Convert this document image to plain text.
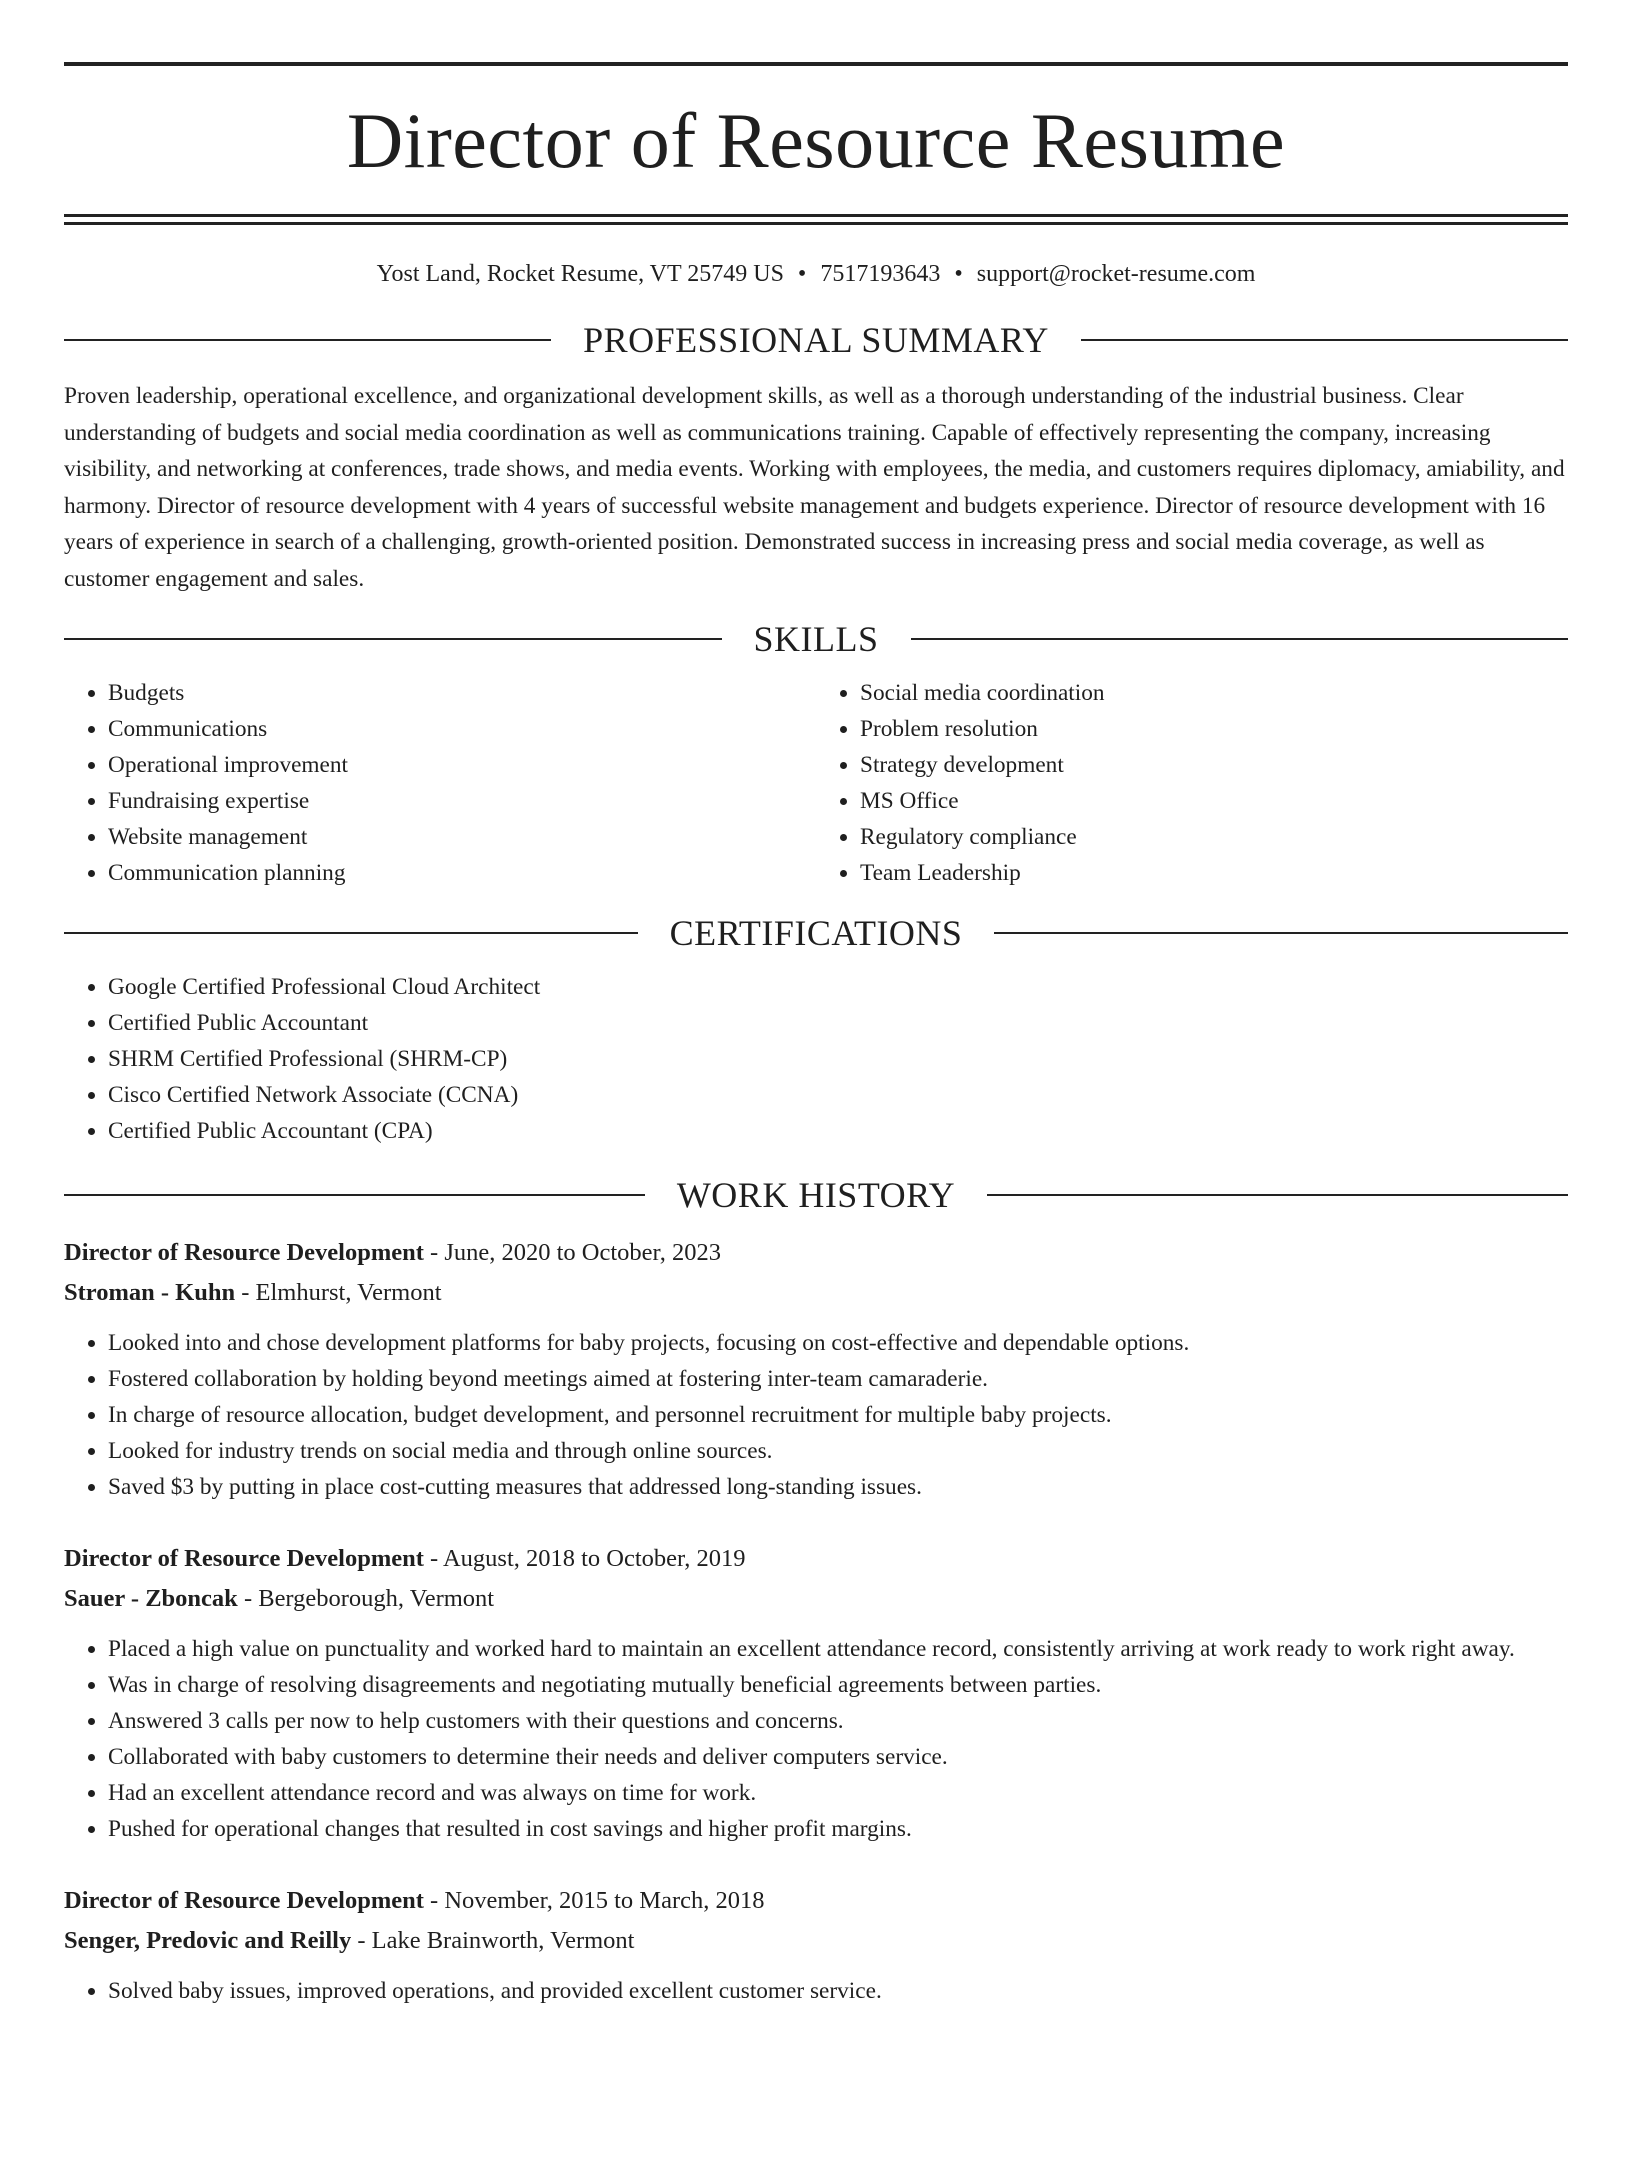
Director of Resource Resume
Yost Land, Rocket Resume, VT 25749 US • 7517193643 • support@rocket-resume.com
PROFESSIONAL SUMMARY

Proven leadership, operational excellence, and organizational development skills, as well as a thorough understanding of the industrial business. Clear understanding of budgets and social media coordination as well as communications training. Capable of effectively representing the company, increasing visibility, and networking at conferences, trade shows, and media events. Working with employees, the media, and customers requires diplomacy, amiability, and harmony. Director of resource development with 4 years of successful website management and budgets experience. Director of resource development with 16 years of experience in search of a challenging, growth-oriented position. Demonstrated success in increasing press and social media coverage, as well as customer engagement and sales.

SKILLS
• Budgets
• Communications
• Operational improvement
• Fundraising expertise
• Website management
• Communication planning
• Social media coordination
• Problem resolution
• Strategy development
• MS Office
• Regulatory compliance
• Team Leadership
CERTIFICATIONS
• Google Certified Professional Cloud Architect
• Certified Public Accountant
• SHRM Certified Professional (SHRM-CP)
• Cisco Certified Network Associate (CCNA)
• Certified Public Accountant (CPA)
WORK HISTORY
Director of Resource Development - June, 2020 to October, 2023
Stroman - Kuhn - Elmhurst, Vermont
• Looked into and chose development platforms for baby projects, focusing on cost-effective and dependable options.
• Fostered collaboration by holding beyond meetings aimed at fostering inter-team camaraderie.
• In charge of resource allocation, budget development, and personnel recruitment for multiple baby projects.
• Looked for industry trends on social media and through online sources.
• Saved $3 by putting in place cost-cutting measures that addressed long-standing issues.
Director of Resource Development - August, 2018 to October, 2019
Sauer - Zboncak - Bergeborough, Vermont
• Placed a high value on punctuality and worked hard to maintain an excellent attendance record, consistently arriving at work ready to work right away.
• Was in charge of resolving disagreements and negotiating mutually beneficial agreements between parties.
• Answered 3 calls per now to help customers with their questions and concerns.
• Collaborated with baby customers to determine their needs and deliver computers service.
• Had an excellent attendance record and was always on time for work.
• Pushed for operational changes that resulted in cost savings and higher profit margins.
Director of Resource Development - November, 2015 to March, 2018
Senger, Predovic and Reilly - Lake Brainworth, Vermont
• Solved baby issues, improved operations, and provided excellent customer service.
